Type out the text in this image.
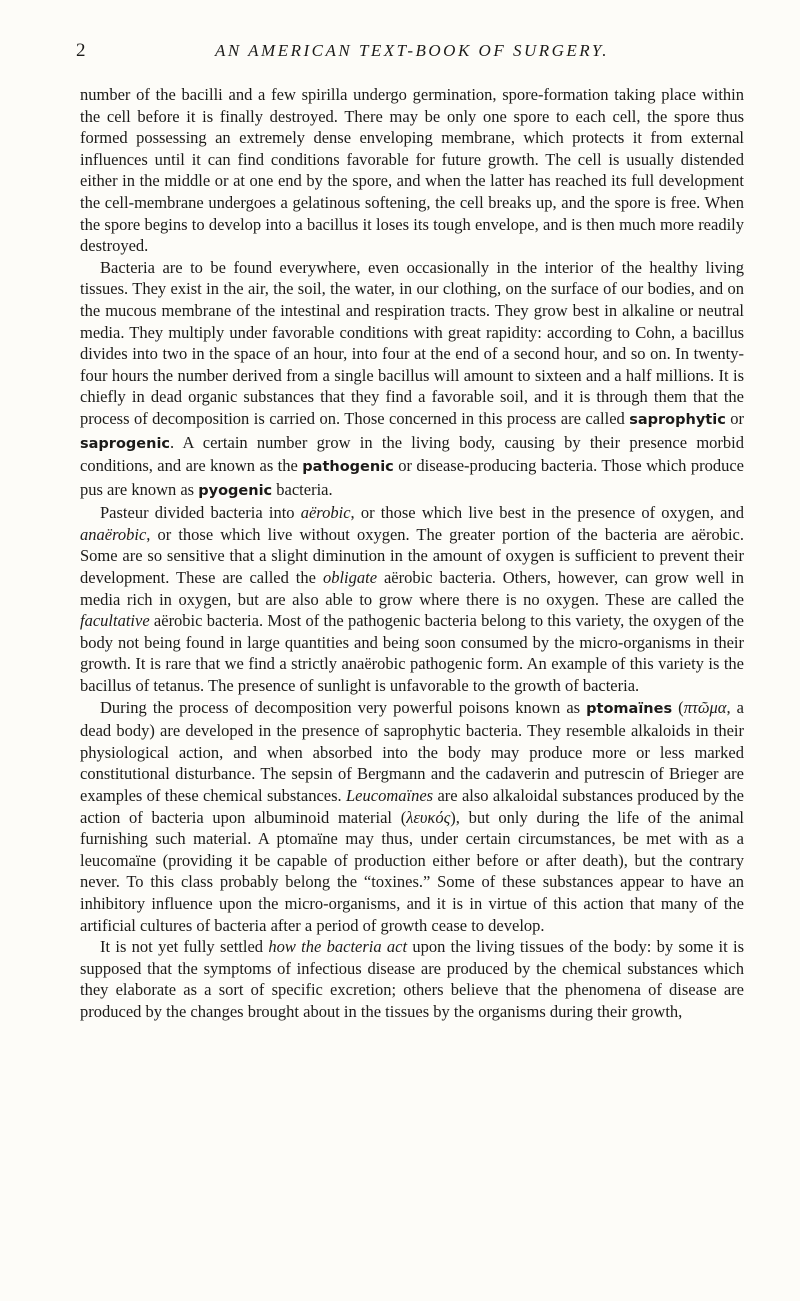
2	AN AMERICAN TEXT-BOOK OF SURGERY.

number of the bacilli and a few spirilla undergo germination, spore-formation taking place within the cell before it is finally destroyed. There may be only one spore to each cell, the spore thus formed possessing an extremely dense enveloping membrane, which protects it from external influences until it can find conditions favorable for future growth. The cell is usually distended either in the middle or at one end by the spore, and when the latter has reached its full development the cell-membrane undergoes a gelatinous softening, the cell breaks up, and the spore is free. When the spore begins to develop into a bacillus it loses its tough envelope, and is then much more readily destroyed.

Bacteria are to be found everywhere, even occasionally in the interior of the healthy living tissues. They exist in the air, the soil, the water, in our clothing, on the surface of our bodies, and on the mucous membrane of the intestinal and respiration tracts. They grow best in alkaline or neutral media. They multiply under favorable conditions with great rapidity: according to Cohn, a bacillus divides into two in the space of an hour, into four at the end of a second hour, and so on. In twenty-four hours the number derived from a single bacillus will amount to sixteen and a half millions. It is chiefly in dead organic substances that they find a favorable soil, and it is through them that the process of decomposition is carried on. Those concerned in this process are called saprophytic or saprogenic. A certain number grow in the living body, causing by their presence morbid conditions, and are known as the pathogenic or disease-producing bacteria. Those which produce pus are known as pyogenic bacteria.

Pasteur divided bacteria into aërobic, or those which live best in the presence of oxygen, and anaërobic, or those which live without oxygen. The greater portion of the bacteria are aërobic. Some are so sensitive that a slight diminution in the amount of oxygen is sufficient to prevent their development. These are called the obligate aërobic bacteria. Others, however, can grow well in media rich in oxygen, but are also able to grow where there is no oxygen. These are called the facultative aërobic bacteria. Most of the pathogenic bacteria belong to this variety, the oxygen of the body not being found in large quantities and being soon consumed by the micro-organisms in their growth. It is rare that we find a strictly anaërobic pathogenic form. An example of this variety is the bacillus of tetanus. The presence of sunlight is unfavorable to the growth of bacteria.

During the process of decomposition very powerful poisons known as ptomaïnes (πτῶμα, a dead body) are developed in the presence of saprophytic bacteria. They resemble alkaloids in their physiological action, and when absorbed into the body may produce more or less marked constitutional disturbance. The sepsin of Bergmann and the cadaverin and putrescin of Brieger are examples of these chemical substances. Leucomaïnes are also alkaloidal substances produced by the action of bacteria upon albuminoid material (λευκός), but only during the life of the animal furnishing such material. A ptomaïne may thus, under certain circumstances, be met with as a leucomaïne (providing it be capable of production either before or after death), but the contrary never. To this class probably belong the “toxines.” Some of these substances appear to have an inhibitory influence upon the micro-organisms, and it is in virtue of this action that many of the artificial cultures of bacteria after a period of growth cease to develop.

It is not yet fully settled how the bacteria act upon the living tissues of the body: by some it is supposed that the symptoms of infectious disease are produced by the chemical substances which they elaborate as a sort of specific excretion; others believe that the phenomena of disease are produced by the changes brought about in the tissues by the organisms during their growth,
